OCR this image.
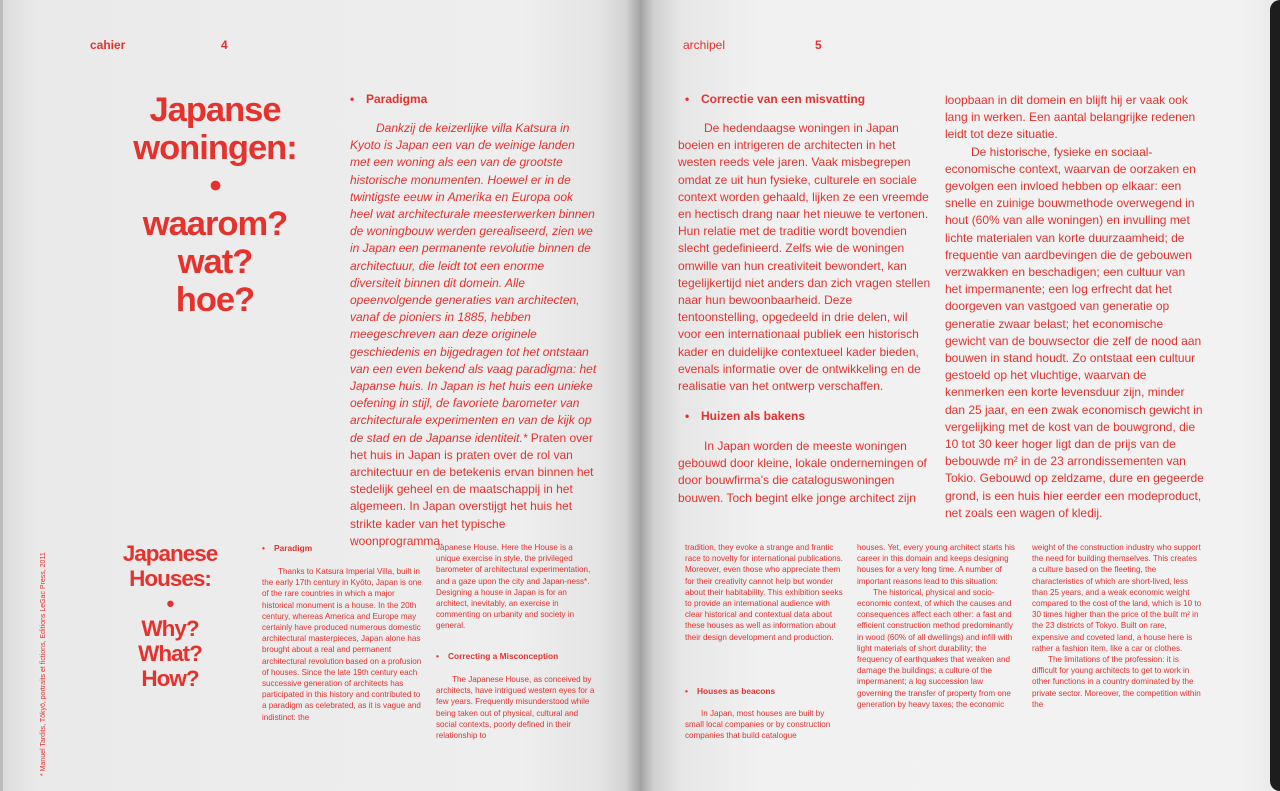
cahier	4
Japanse
woningen:
•
waarom?
wat?
hoe?
• Paradigma

Dankzij de keizerlijke villa Katsura in Kyoto is Japan een van de weinige landen met een woning als een van de grootste historische monumenten. Hoewel er in de twintigste eeuw in Amerika en Europa ook heel wat architecturale meesterwerken binnen de woningbouw werden gerealiseerd, zien we in Japan een permanente revolutie binnen de architectuur, die leidt tot een enorme diversiteit binnen dit domein. Alle opeenvolgende generaties van architecten, vanaf de pioniers in 1885, hebben meegeschreven aan deze originele geschiedenis en bijgedragen tot het ontstaan van een even bekend als vaag paradigma: het Japanse huis. In Japan is het huis een unieke oefening in stijl, de favoriete barometer van architecturale experimenten en van de kijk op de stad en de Japanse identiteit.* Praten over het huis in Japan is praten over de rol van architectuur en de betekenis ervan binnen het stedelijk geheel en de maatschappij in het algemeen. In Japan overstijgt het huis het strikte kader van het typische woonprogramma.

Japanese
Houses:
•
Why?
What?
How?
• Paradigm

Thanks to Katsura Imperial Villa, built in the early 17th century in Kyōto, Japan is one of the rare countries in which a major historical monument is a house. In the 20th century, whereas America and Europe may certainly have produced numerous domestic architectural masterpieces, Japan alone has brought about a real and permanent architectural revolution based on a profusion of houses. Since the late 19th century each successive generation of architects has participated in this history and contributed to a paradigm as celebrated, as it is vague and indistinct: the

Japanese House. Here the House is a unique exercise in style, the privileged barometer of architectural experimentation, and a gaze upon the city and Japan-ness*. Designing a house in Japan is for an architect, inevitably, an exercise in commenting on urbanity and society in general.

• Correcting a Misconception

The Japanese House, as conceived by architects, have intrigued western eyes for a few years. Frequently misunderstood while being taken out of physical, cultural and social contexts, poorly defined in their relationship to

* Manuel Tardits, Tōkyō, portraits et fictions, Editions LeGac Press, 2011
archipel	5
• Correctie van een misvatting

De hedendaagse woningen in Japan boeien en intrigeren de architecten in het westen reeds vele jaren. Vaak misbegrepen omdat ze uit hun fysieke, culturele en sociale context worden gehaald, lijken ze een vreemde en hectisch drang naar het nieuwe te vertonen. Hun relatie met de traditie wordt bovendien slecht gedefinieerd. Zelfs wie de woningen omwille van hun creativiteit bewondert, kan tegelijkertijd niet anders dan zich vragen stellen naar hun bewoonbaarheid. Deze tentoonstelling, opgedeeld in drie delen, wil voor een internationaal publiek een historisch kader en duidelijke contextueel kader bieden, evenals informatie over de ontwikkeling en de realisatie van het ontwerp verschaffen.

• Huizen als bakens

In Japan worden de meeste woningen gebouwd door kleine, lokale ondernemingen of door bouwfirma's die cataloguswoningen bouwen. Toch begint elke jonge architect zijn

loopbaan in dit domein en blijft hij er vaak ook lang in werken. Een aantal belangrijke redenen leidt tot deze situatie.

De historische, fysieke en sociaal-economische context, waarvan de oorzaken en gevolgen een invloed hebben op elkaar: een snelle en zuinige bouwmethode overwegend in hout (60% van alle woningen) en invulling met lichte materialen van korte duurzaamheid; de frequentie van aardbevingen die de gebouwen verzwakken en beschadigen; een cultuur van het impermanente; een log erfrecht dat het doorgeven van vastgoed van generatie op generatie zwaar belast; het economische gewicht van de bouwsector die zelf de nood aan bouwen in stand houdt. Zo ontstaat een cultuur gestoeld op het vluchtige, waarvan de kenmerken een korte levensduur zijn, minder dan 25 jaar, en een zwak economisch gewicht in vergelijking met de kost van de bouwgrond, die 10 tot 30 keer hoger ligt dan de prijs van de bebouwde m² in de 23 arrondissementen van Tokio. Gebouwd op zeldzame, dure en gegeerde grond, is een huis hier eerder een modeproduct, net zoals een wagen of kledij.

tradition, they evoke a strange and frantic race to novelty for international publications. Moreover, even those who appreciate them for their creativity cannot help but wonder about their habitability. This exhibition seeks to provide an international audience with clear historical and contextual data about these houses as well as information about their design development and production.

• Houses as beacons

In Japan, most houses are built by small local companies or by construction companies that build catalogue

houses. Yet, every young architect starts his career in this domain and keeps designing houses for a very long time. A number of important reasons lead to this situation:

The historical, physical and socio-economic context, of which the causes and consequences affect each other: a fast and efficient construction method predominantly in wood (60% of all dwellings) and infill with light materials of short durability; the frequency of earthquakes that weaken and damage the buildings; a culture of the impermanent; a log succession law governing the transfer of property from one generation by heavy taxes; the economic

weight of the construction industry who support the need for building themselves. This creates a culture based on the fleeting, the characteristics of which are short-lived, less than 25 years, and a weak economic weight compared to the cost of the land, which is 10 to 30 times higher than the price of the built m² in the 23 districts of Tokyo. Built on rare, expensive and coveted land, a house here is rather a fashion item, like a car or clothes.

The limitations of the profession: it is difficult for young architects to get to work in other functions in a country dominated by the private sector. Moreover, the competition within the
